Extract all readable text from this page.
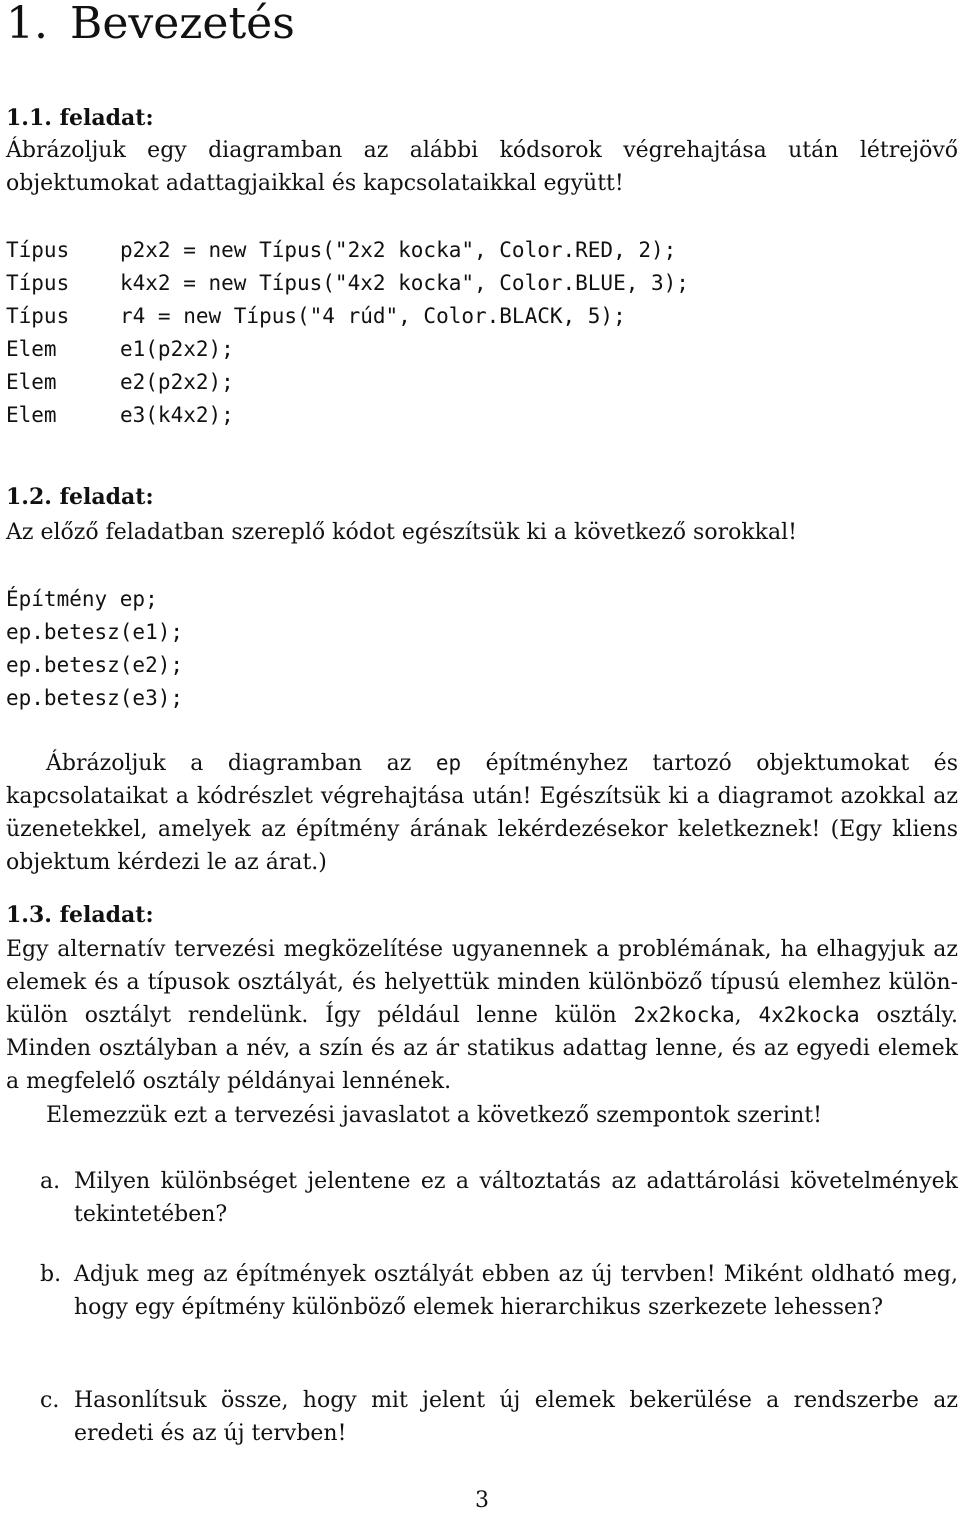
1. Bevezetés
1.1. feladat:

Ábrázoljuk egy diagramban az alábbi kódsorok végrehajtása után létrejövő objektumokat adattagjaikkal és kapcsolataikkal együtt!

Típus	p2x2 = new Típus("2x2 kocka", Color.RED, 2);
Típus	k4x2 = new Típus("4x2 kocka", Color.BLUE, 3);
Típus	r4 = new Típus("4 rúd", Color.BLACK, 5);
Elem	e1(p2x2);
Elem	e2(p2x2);
Elem	e3(k4x2);
1.2. feladat:

Az előző feladatban szereplő kódot egészítsük ki a következő sorokkal!

Építmény ep;
ep.betesz(e1);
ep.betesz(e2);
ep.betesz(e3);

Ábrázoljuk a diagramban az ep építményhez tartozó objektumokat és kapcsolataikat a kódrészlet végrehajtása után! Egészítsük ki a diagramot azokkal az üzenetekkel, amelyek az építmény árának lekérdezésekor keletkeznek! (Egy kliens objektum kérdezi le az árat.)

1.3. feladat:

Egy alternatív tervezési megközelítése ugyanennek a problémának, ha elhagyjuk az elemek és a típusok osztályát, és helyettük minden különböző típusú elemhez külön-külön osztályt rendelünk. Így például lenne külön 2x2kocka, 4x2kocka osztály. Minden osztályban a név, a szín és az ár statikus adattag lenne, és az egyedi elemek a megfelelő osztály példányai lennének.

Elemezzük ezt a tervezési javaslatot a következő szempontok szerint!

a. Milyen különbséget jelentene ez a változtatás az adattárolási követelmények tekintetében?
b. Adjuk meg az építmények osztályát ebben az új tervben! Miként oldható meg, hogy egy építmény különböző elemek hierarchikus szerkezete lehessen?
c. Hasonlítsuk össze, hogy mit jelent új elemek bekerülése a rendszerbe az eredeti és az új tervben!
3
